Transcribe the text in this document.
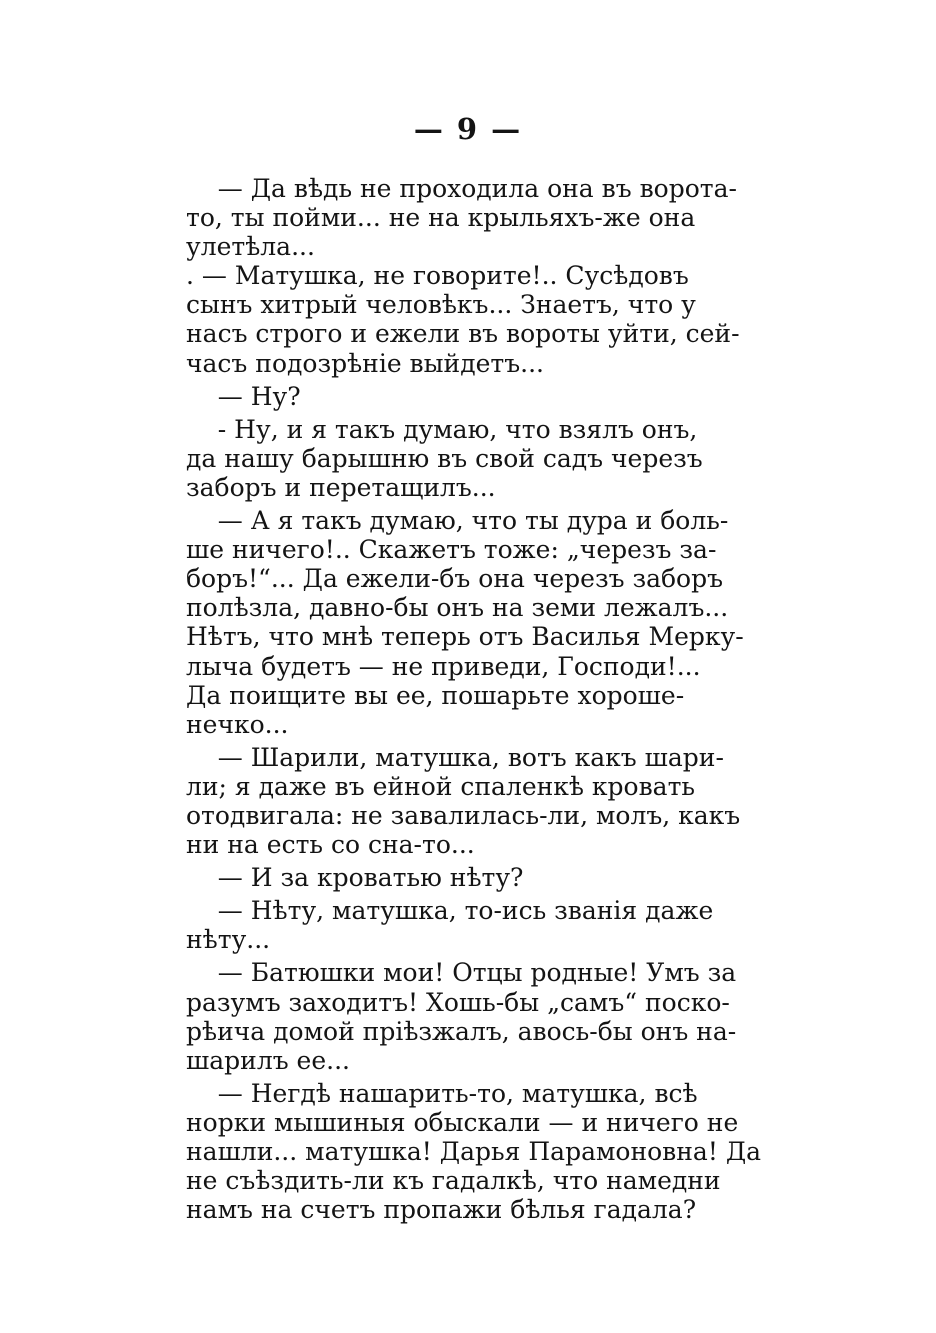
— 9 —
— Да вѣдь не проходила она въ ворота-
то, ты пойми... не на крыльяхъ-же она
улетѣла...
. — Матушка, не говорите!.. Сусѣдовъ
сынъ хитрый человѣкъ... Знаетъ, что у
насъ строго и ежели въ вороты уйти, сей-
часъ подозрѣніе выйдетъ...
— Ну?
- Ну, и я такъ думаю, что взялъ онъ,
да нашу барышню въ свой садъ черезъ
заборъ и перетащилъ...
— А я такъ думаю, что ты дура и боль-
ше ничего!.. Скажетъ тоже: „черезъ за-
боръ!“... Да ежели-бъ она черезъ заборъ
полѣзла, давно-бы онъ на земи лежалъ...
Нѣтъ, что мнѣ теперь отъ Василья Мерку-
лыча будетъ — не приведи, Господи!...
Да поищите вы ее, пошарьте хороше-
нечко...
— Шарили, матушка, вотъ какъ шари-
ли; я даже въ ейной спаленкѣ кровать
отодвигала: не завалилась-ли, молъ, какъ
ни на есть со сна-то...
— И за кроватью нѣту?
— Нѣту, матушка, то-ись званія даже
нѣту...
— Батюшки мои! Отцы родные! Умъ за
разумъ заходитъ! Хошь-бы „самъ“ поско-
рѣича домой пріѣзжалъ, авось-бы онъ на-
шарилъ ее...
— Негдѣ нашарить-то, матушка, всѣ
норки мышиныя обыскали — и ничего не
нашли... матушка! Дарья Парамоновна! Да
не съѣздить-ли къ гадалкѣ, что намедни
намъ на счетъ пропажи бѣлья гадала?
